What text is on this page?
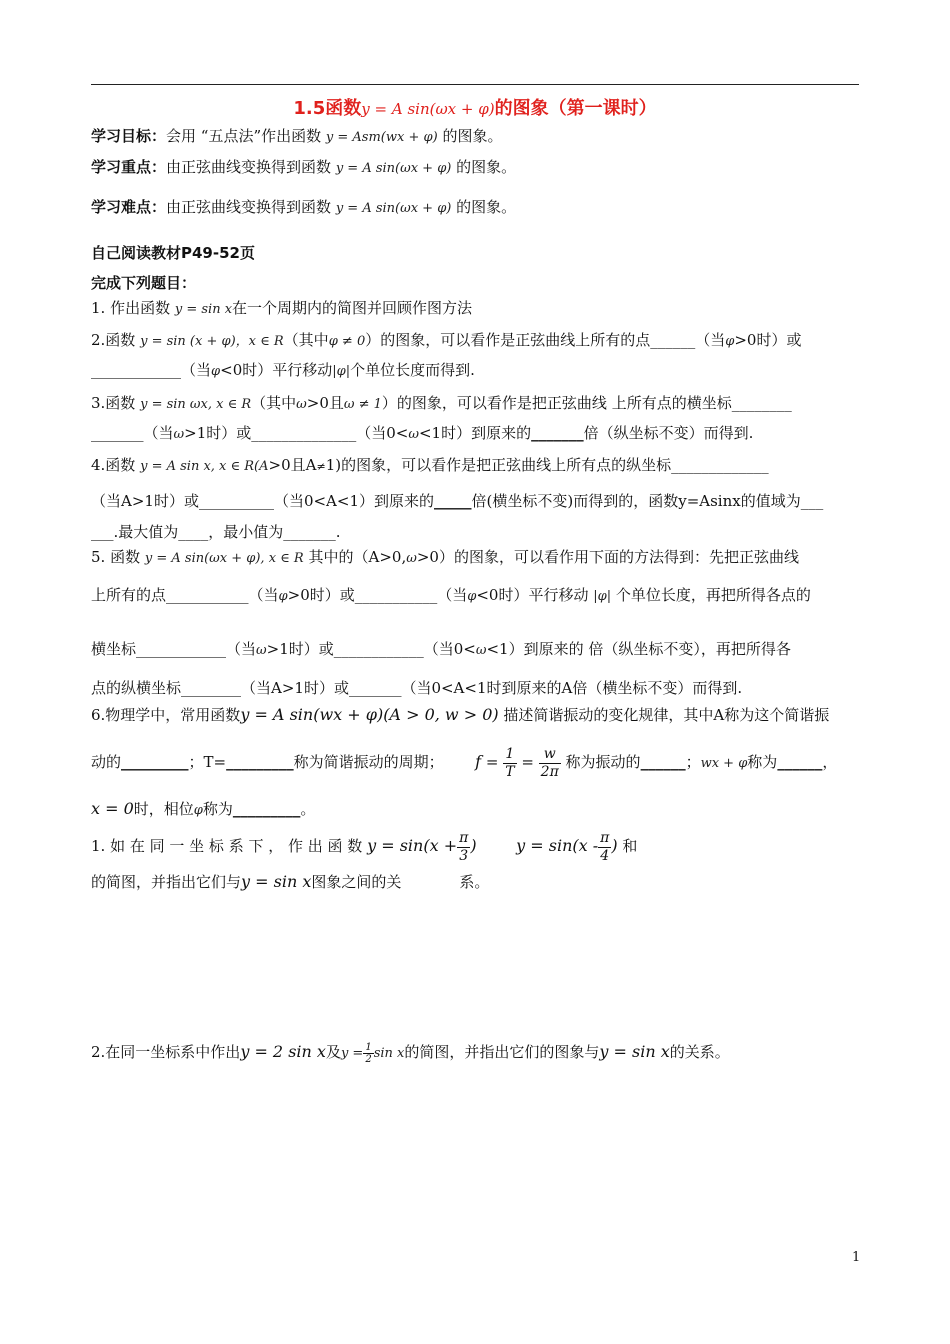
1.5函数y = A sin(ωx + φ)的图象（第一课时）
学习目标：会用 “五点法”作出函数 y = Asm(wx + φ) 的图象。
学习重点：由正弦曲线变换得到函数 y = A sin(ωx + φ) 的图象。
学习难点：由正弦曲线变换得到函数 y = A sin(ωx + φ) 的图象。
自己阅读教材P49-52页
完成下列题目：
1. 作出函数 y = sin x在一个周期内的简图并回顾作图方法
2.函数 y = sin (x + φ)，x ∈ R（其中φ ≠ 0）的图象，可以看作是正弦曲线上所有的点______（当φ>0时）或
____________（当φ<0时）平行移动|φ|个单位长度而得到.
3.函数 y = sin ωx, x ∈ R（其中ω>0且ω ≠ 1）的图象，可以看作是把正弦曲线 上所有点的横坐标________
_______（当ω>1时）或______________（当0<ω<1时）到原来的_______倍（纵坐标不变）而得到.
4.函数 y = A sin x, x ∈ R(A>0且A≠1)的图象，可以看作是把正弦曲线上所有点的纵坐标_____________
（当A>1时）或__________（当0<A<1）到原来的_____倍(横坐标不变)而得到的，函数y=Asinx的值域为___
___.最大值为____，最小值为_______.
5. 函数 y = A sin(ωx + φ), x ∈ R 其中的（A>0,ω>0）的图象，可以看作用下面的方法得到：先把正弦曲线
上所有的点___________（当φ>0时）或___________（当φ<0时）平行移动 |φ| 个单位长度，再把所得各点的
横坐标____________（当ω>1时）或____________（当0<ω<1）到原来的 倍（纵坐标不变），再把所得各
点的纵横坐标________（当A>1时）或_______（当0<A<1时到原来的A倍（横坐标不变）而得到.
6.物理学中，常用函数y = A sin(wx + φ)(A > 0, w > 0) 描述简谐振动的变化规律，其中A称为这个简谐振
动的_________；T=_________称为简谐振动的周期； $f = \frac{1}{T} = \frac{w}{2\pi}$ 称为振动的______；wx + φ称为______，
x = 0时，相位φ称为_________。
1. 如 在 同 一 坐 标 系 下 ， 作 出 函 数 $y = \sin(x + \frac{\pi}{3}$ ) $y = \sin(x - \frac{\pi}{4}$ ) 和
的简图，并指出它们与y = sin x图象之间的关	系。
2.在同一坐标系中作出y = 2 sin x及$y = \frac{1}{2}$ sin x的简图，并指出它们的图象与y = sin x的关系。
1
